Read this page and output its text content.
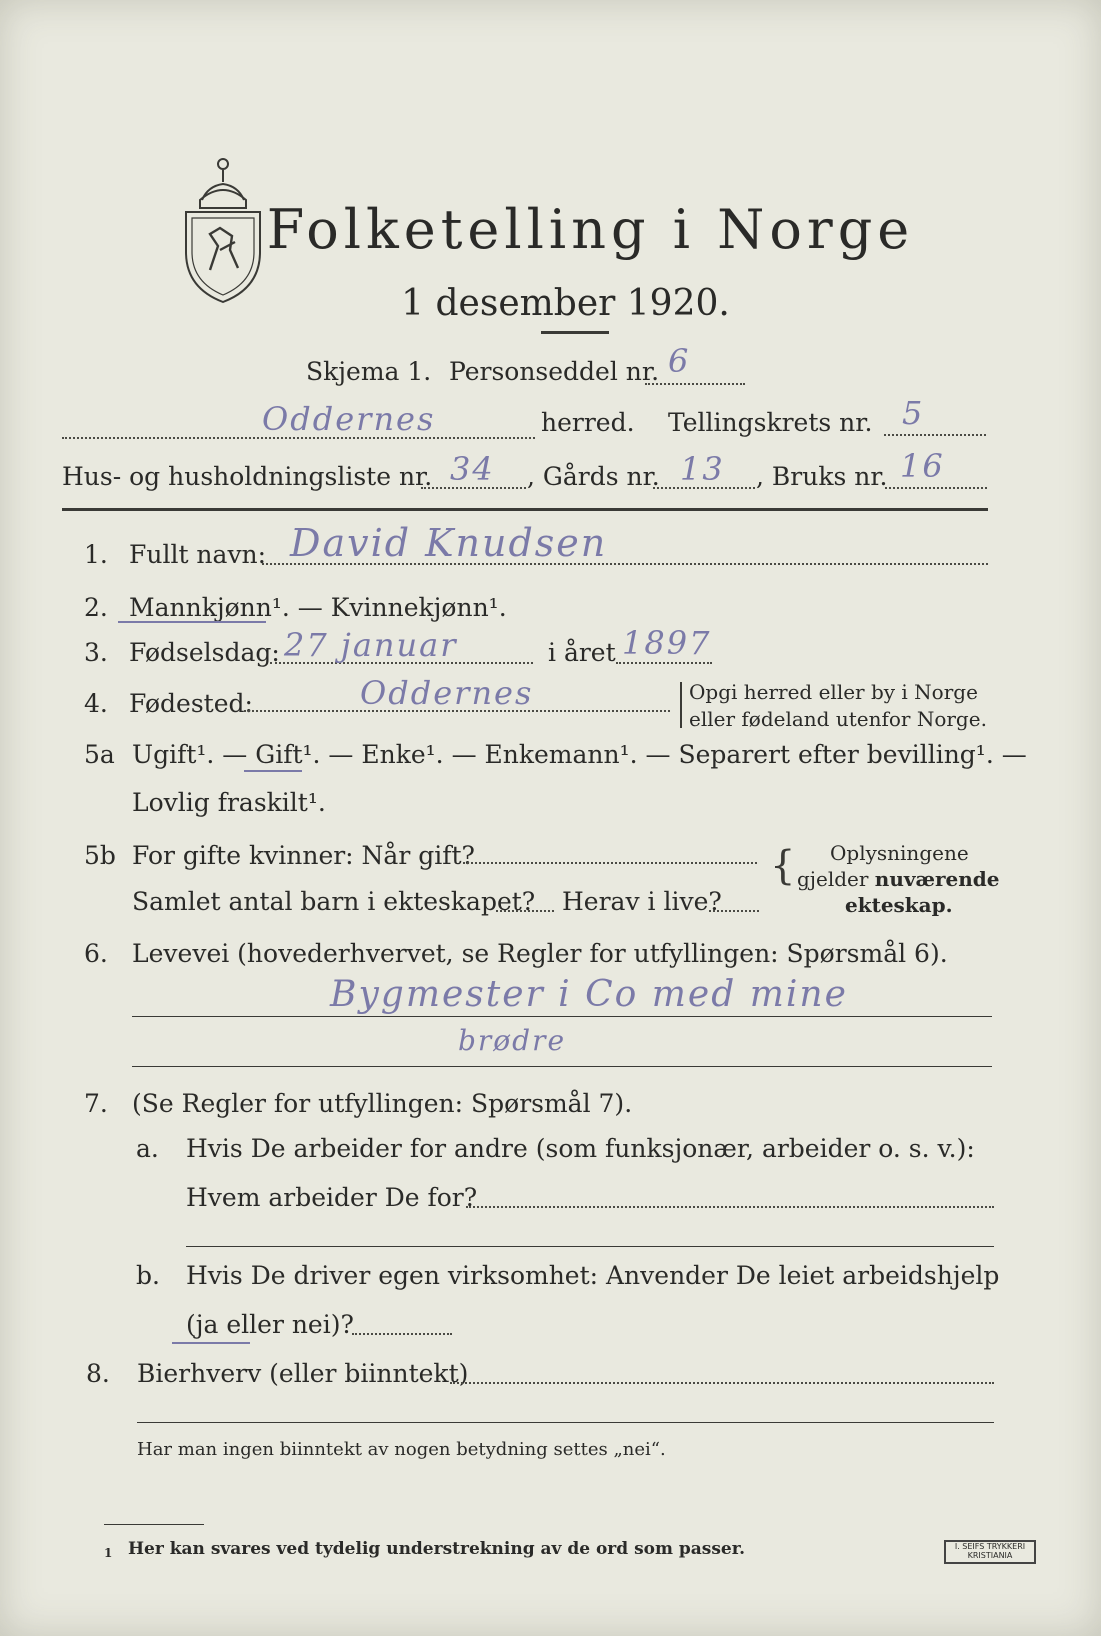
Folketelling i Norge
1 desember 1920.
Skjema 1. Personseddel nr. 6
Oddernes	herred. Tellingskrets nr. 5
Hus- og husholdningsliste nr. 34 , Gårds nr. 13 , Bruks nr. 16
1. Fullt navn: David Knudsen
2. Mannkjønn¹. — Kvinnekjønn¹.
3. Fødselsdag: 27 januar	i året 1897
4. Fødested:	Oddernes	Opgi herred eller by i Norge
eller fødeland utenfor Norge.
5a Ugift¹. — Gift¹. — Enke¹. — Enkemann¹. — Separert efter bevilling¹. —
Lovlig fraskilt¹.
5b For gifte kvinner: Når gift?
Samlet antal barn i ekteskapet? Herav i live?
{ Oplysningene
gjelder nuværende
ekteskap.
6. Levevei (hovederhvervet, se Regler for utfyllingen: Spørsmål 6).
Bygmester i Co med mine
brødre
7. (Se Regler for utfyllingen: Spørsmål 7).
a. Hvis De arbeider for andre (som funksjonær, arbeider o. s. v.):
Hvem arbeider De for?
b. Hvis De driver egen virksomhet: Anvender De leiet arbeidshjelp
(ja eller nei)?
8. Bierhverv (eller biinntekt)
Har man ingen biinntekt av nogen betydning settes „nei“.
1 Her kan svares ved tydelig understrekning av de ord som passer.	I. SEIFS TRYKKERI
KRISTIANIA
